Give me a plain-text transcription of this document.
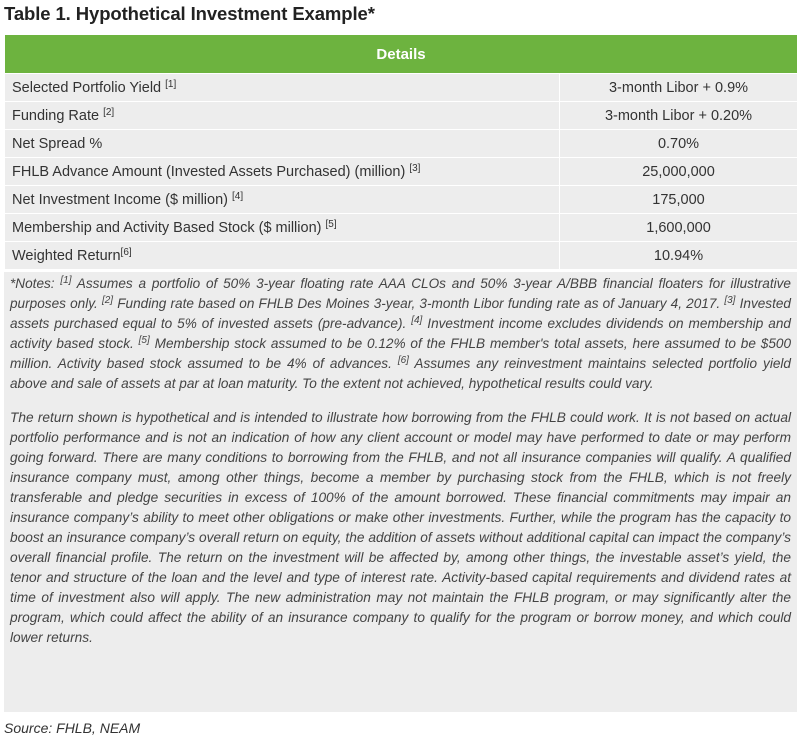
Table 1. Hypothetical Investment Example*
Details	
Selected Portfolio Yield [1]	3-month Libor + 0.9%
Funding Rate [2]	3-month Libor + 0.20%
Net Spread %	0.70%
FHLB Advance Amount (Invested Assets Purchased) (million) [3]	25,000,000
Net Investment Income ($ million) [4]	175,000
Membership and Activity Based Stock ($ million) [5]	1,600,000
Weighted Return[6]	10.94%

*Notes: [1] Assumes a portfolio of 50% 3-year floating rate AAA CLOs and 50% 3-year A/BBB financial floaters for illustrative purposes only. [2] Funding rate based on FHLB Des Moines 3-year, 3-month Libor funding rate as of January 4, 2017. [3] Invested assets purchased equal to 5% of invested assets (pre-advance). [4] Investment income excludes dividends on membership and activity based stock. [5] Membership stock assumed to be 0.12% of the FHLB member's total assets, here assumed to be $500 million. Activity based stock assumed to be 4% of advances. [6] Assumes any reinvestment maintains selected portfolio yield above and sale of assets at par at loan maturity. To the extent not achieved, hypothetical results could vary.

The return shown is hypothetical and is intended to illustrate how borrowing from the FHLB could work. It is not based on actual portfolio performance and is not an indication of how any client account or model may have performed to date or may perform going forward. There are many conditions to borrowing from the FHLB, and not all insurance companies will qualify. A qualified insurance company must, among other things, become a member by purchasing stock from the FHLB, which is not freely transferable and pledge securities in excess of 100% of the amount borrowed. These financial commitments may impair an insurance company’s ability to meet other obligations or make other investments. Further, while the program has the capacity to boost an insurance company’s overall return on equity, the addition of assets without additional capital can impact the company’s overall financial profile. The return on the investment will be affected by, among other things, the investable asset’s yield, the tenor and structure of the loan and the level and type of interest rate. Activity-based capital requirements and dividend rates at time of investment also will apply. The new administration may not maintain the FHLB program, or may significantly alter the program, which could affect the ability of an insurance company to qualify for the program or borrow money, and which could lower returns.

Source: FHLB, NEAM
